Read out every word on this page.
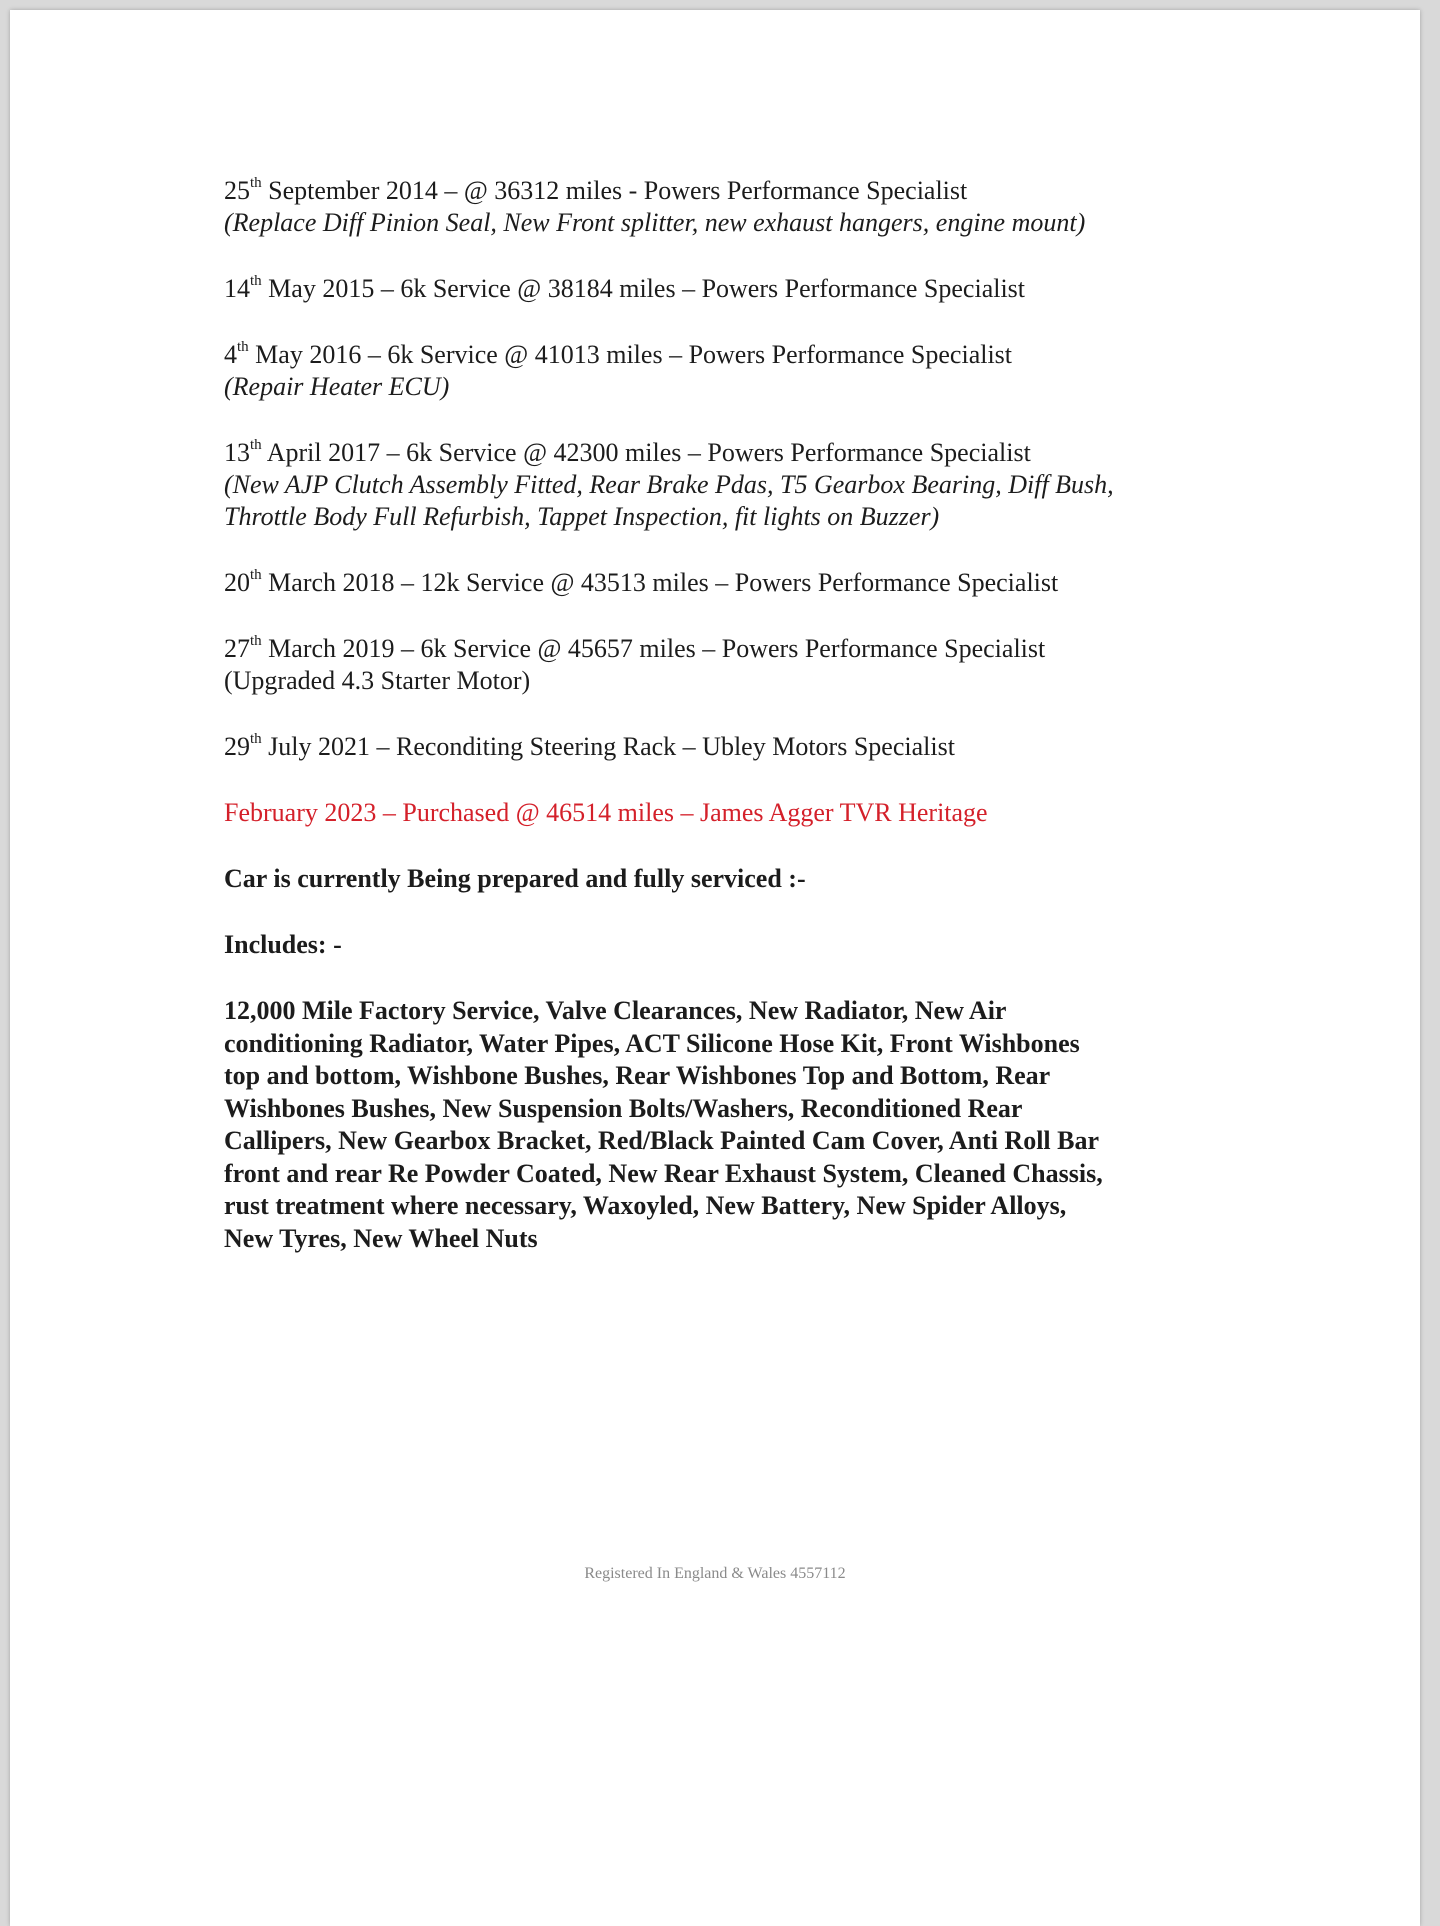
25th September 2014 – @ 36312 miles - Powers Performance Specialist
(Replace Diff Pinion Seal, New Front splitter, new exhaust hangers, engine mount)
14th May 2015 – 6k Service @ 38184 miles – Powers Performance Specialist
4th May 2016 – 6k Service @ 41013 miles – Powers Performance Specialist
(Repair Heater ECU)
13th April 2017 – 6k Service @ 42300 miles – Powers Performance Specialist
(New AJP Clutch Assembly Fitted, Rear Brake Pdas, T5 Gearbox Bearing, Diff Bush,
Throttle Body Full Refurbish, Tappet Inspection, fit lights on Buzzer)
20th March 2018 – 12k Service @ 43513 miles – Powers Performance Specialist
27th March 2019 – 6k Service @ 45657 miles – Powers Performance Specialist
(Upgraded 4.3 Starter Motor)
29th July 2021 – Reconditing Steering Rack – Ubley Motors Specialist
February 2023 – Purchased @ 46514 miles – James Agger TVR Heritage
Car is currently Being prepared and fully serviced :-
Includes: -
12,000 Mile Factory Service, Valve Clearances, New Radiator, New Air
conditioning Radiator, Water Pipes, ACT Silicone Hose Kit, Front Wishbones
top and bottom, Wishbone Bushes, Rear Wishbones Top and Bottom, Rear
Wishbones Bushes, New Suspension Bolts/Washers, Reconditioned Rear
Callipers, New Gearbox Bracket, Red/Black Painted Cam Cover, Anti Roll Bar
front and rear Re Powder Coated, New Rear Exhaust System, Cleaned Chassis,
rust treatment where necessary, Waxoyled, New Battery, New Spider Alloys,
New Tyres, New Wheel Nuts
Registered In England & Wales 4557112
